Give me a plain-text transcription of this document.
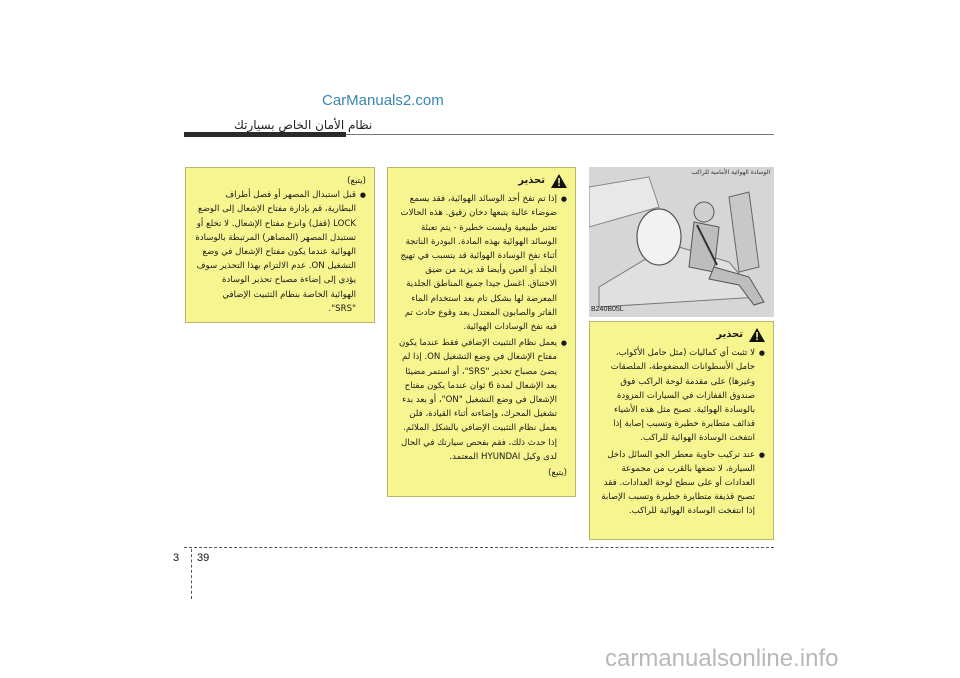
CarManuals2.com
نظام الأمان الخاص بسيارتك
(يتبع)
● قبل استبدال المصهر أو فصل أطراف البطارية، قم بإدارة مفتاح الإشعال إلى الوضع LOCK (قفل) وانزع مفتاح الإشعال. لا تخلع أو تستبدل المصهر (المصاهر) المرتبطة بالوسادة الهوائية عندما يكون مفتاح الإشعال في وضع التشغيل ON. عدم الالتزام بهذا التحذير سوف يؤدي إلى إضاءة مصباح تحذير الوسادة الهوائية الخاصة بنظام التثبيت الإضافي "SRS".
تحذير
● إذا تم نفخ أحد الوسائد الهوائية، فقد يسمع ضوضاء عالية يتبعها دخان رقيق. هذه الحالات تعتبر طبيعية وليست خطيرة - يتم تعبئة الوسائد الهوائية بهذه المادة. البودرة الناتجة أثناء نفخ الوسادة الهوائية قد يتسبب في تهيج الجلد أو العين وأيضا قد يزيد من ضيق الاختناق. اغسل جيدا جميع المناطق الجلدية المعرضة لها بشكل تام بعد استخدام الماء الفاتر والصابون المعتدل بعد وقوع حادث تم فيه نفخ الوسادات الهوائية.
● يعمل نظام التثبيت الإضافي فقط عندما يكون مفتاح الإشعال في وضع التشغيل ON. إذا لم يضئ مصباح تحذير "SRS"، أو استمر مضيئا بعد الإشعال لمدة 6 ثوان عندما يكون مفتاح الإشعال في وضع التشغيل "ON"، أو بعد بدء تشغيل المحرك، وإضاءته أثناء القيادة، فلن يعمل نظام التثبيت الإضافي بالشكل الملائم. إذا حدث ذلك، فقم بفحص سيارتك في الحال لدى وكيل HYUNDAI المعتمد.
(يتبع)
الوسادة الهوائية الأمامية للراكب
B240B05L
تحذير
● لا تثبت أي كماليات (مثل حامل الأكواب، حامل الأسطوانات المضغوطة، الملصقات وغيرها) على مقدمة لوحة الراكب فوق صندوق القفازات في السيارات المزودة بالوسادة الهوائية. تصبح مثل هذه الأشياء قذائف متطايرة خطيرة وتسبب إصابة إذا انتفخت الوسادة الهوائية للراكب.
● عند تركيب حاوية معطر الجو السائل داخل السيارة، لا تضعها بالقرب من مجموعة العدادات أو على سطح لوحة العدادات. فقد تصبح قذيفة متطايرة خطيرة وتسبب الإصابة إذا انتفخت الوسادة الهوائية للراكب.
3 39
carmanualsonline.info
